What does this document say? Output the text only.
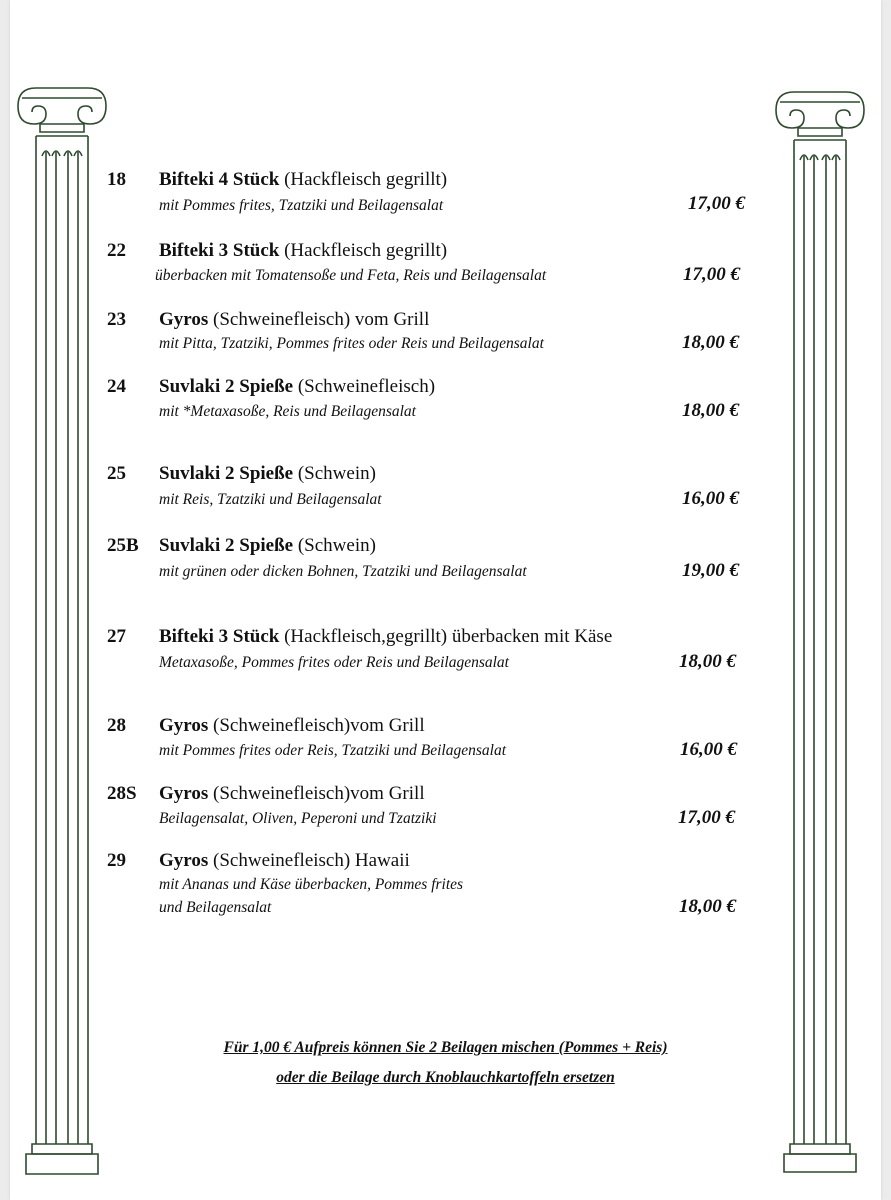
18 Bifteki 4 Stück (Hackfleisch gegrillt)
mit Pommes frites, Tzatziki und Beilagensalat	17,00 €
22 Bifteki 3 Stück (Hackfleisch gegrillt)
überbacken mit Tomatensoße und Feta, Reis und Beilagensalat	17,00 €
23 Gyros (Schweinefleisch) vom Grill
mit Pitta, Tzatziki, Pommes frites oder Reis und Beilagensalat	18,00 €
24 Suvlaki 2 Spieße (Schweinefleisch)
mit *Metaxasoße, Reis und Beilagensalat	18,00 €
25 Suvlaki 2 Spieße (Schwein)
mit Reis, Tzatziki und Beilagensalat	16,00 €
25B Suvlaki 2 Spieße (Schwein)
mit grünen oder dicken Bohnen, Tzatziki und Beilagensalat	19,00 €
27 Bifteki 3 Stück (Hackfleisch,gegrillt) überbacken mit Käse
Metaxasoße, Pommes frites oder Reis und Beilagensalat	18,00 €
28 Gyros (Schweinefleisch)vom Grill
mit Pommes frites oder Reis, Tzatziki und Beilagensalat	16,00 €
28S Gyros (Schweinefleisch)vom Grill
Beilagensalat, Oliven, Peperoni und Tzatziki	17,00 €
29 Gyros (Schweinefleisch) Hawaii
mit Ananas und Käse überbacken, Pommes frites
und Beilagensalat	18,00 €
Für 1,00 € Aufpreis können Sie 2 Beilagen mischen (Pommes + Reis)
oder die Beilage durch Knoblauchkartoffeln ersetzen
